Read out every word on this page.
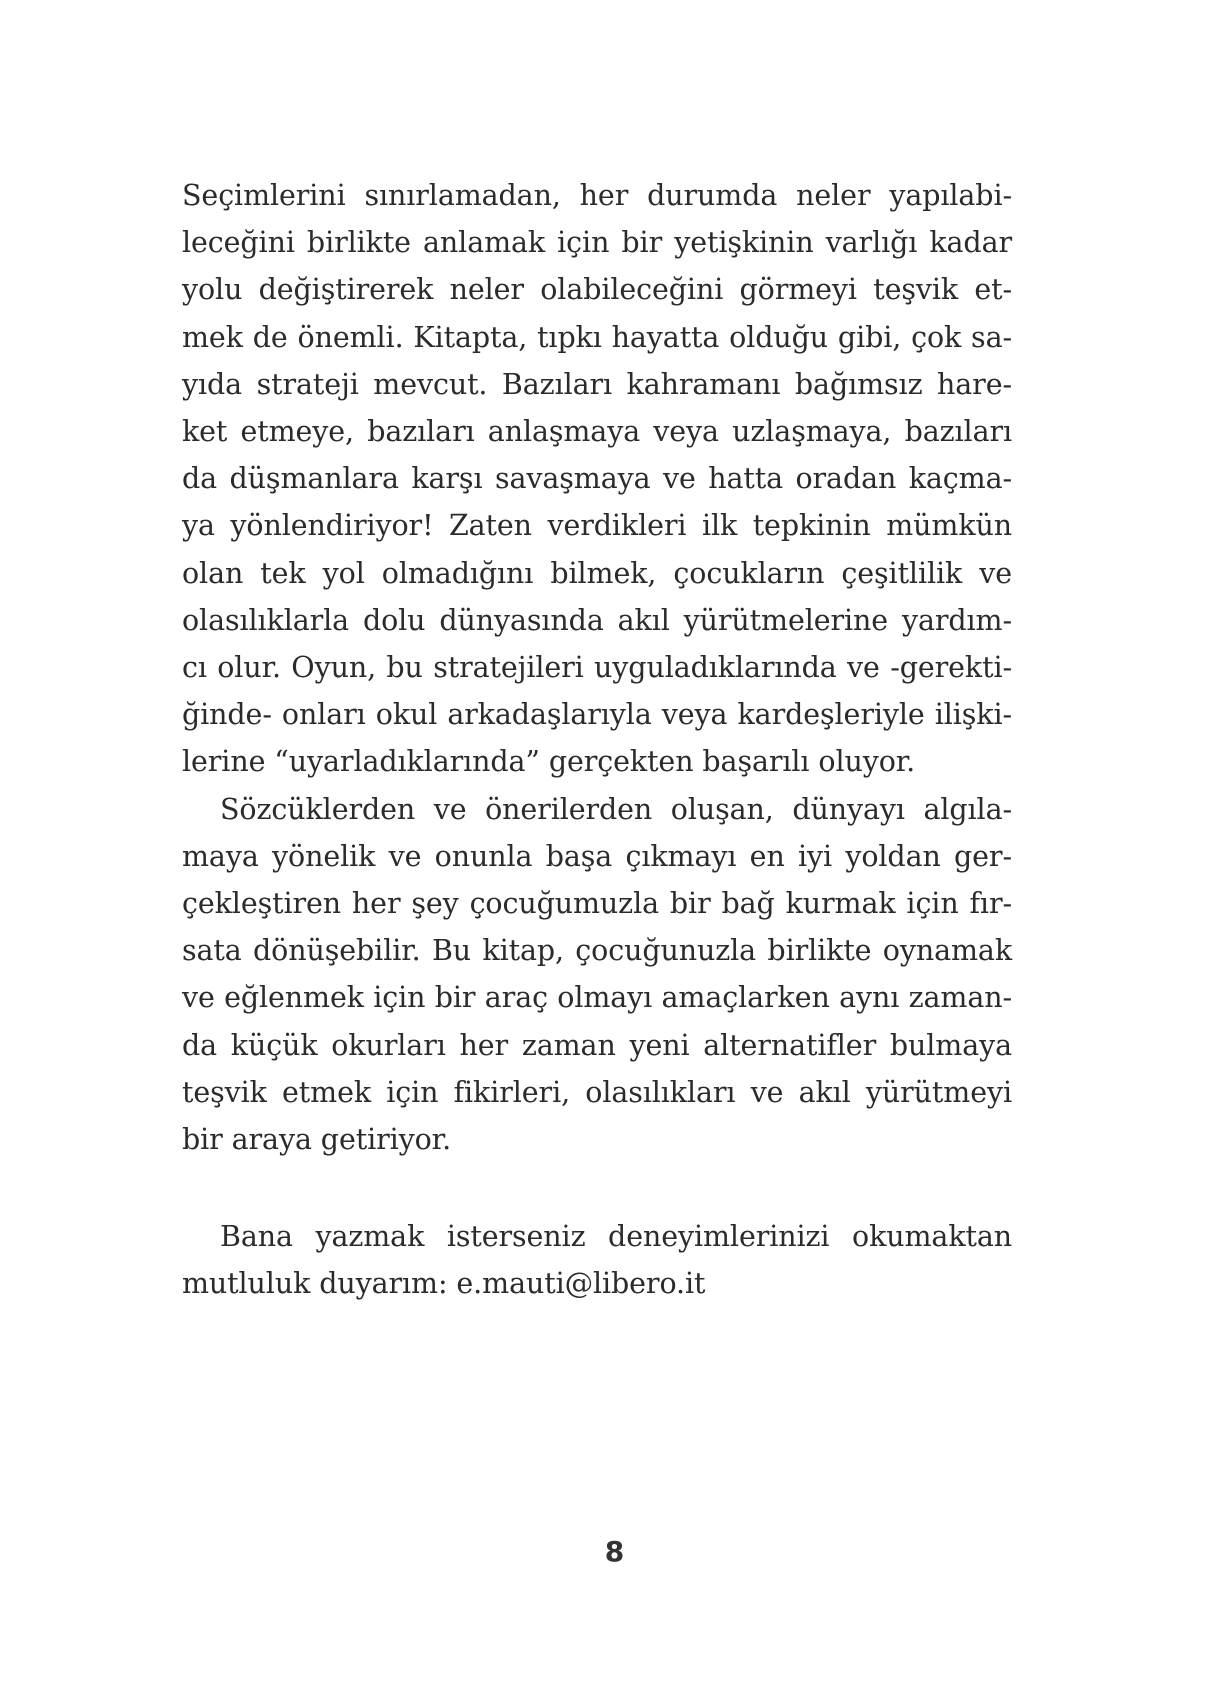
Seçimlerini sınırlamadan, her durumda neler yapılabi-
leceğini birlikte anlamak için bir yetişkinin varlığı kadar
yolu değiştirerek neler olabileceğini görmeyi teşvik et-
mek de önemli. Kitapta, tıpkı hayatta olduğu gibi, çok sa-
yıda strateji mevcut. Bazıları kahramanı bağımsız hare-
ket etmeye, bazıları anlaşmaya veya uzlaşmaya, bazıları
da düşmanlara karşı savaşmaya ve hatta oradan kaçma-
ya yönlendiriyor! Zaten verdikleri ilk tepkinin mümkün
olan tek yol olmadığını bilmek, çocukların çeşitlilik ve
olasılıklarla dolu dünyasında akıl yürütmelerine yardım-
cı olur. Oyun, bu stratejileri uyguladıklarında ve -gerekti-
ğinde- onları okul arkadaşlarıyla veya kardeşleriyle ilişki-
lerine “uyarladıklarında” gerçekten başarılı oluyor.

Sözcüklerden ve önerilerden oluşan, dünyayı algıla-
maya yönelik ve onunla başa çıkmayı en iyi yoldan ger-
çekleştiren her şey çocuğumuzla bir bağ kurmak için fır-
sata dönüşebilir. Bu kitap, çocuğunuzla birlikte oynamak
ve eğlenmek için bir araç olmayı amaçlarken aynı zaman-
da küçük okurları her zaman yeni alternatifler bulmaya
teşvik etmek için fikirleri, olasılıkları ve akıl yürütmeyi
bir araya getiriyor.

Bana yazmak isterseniz deneyimlerinizi okumaktan
mutluluk duyarım: e.mauti@libero.it

8
